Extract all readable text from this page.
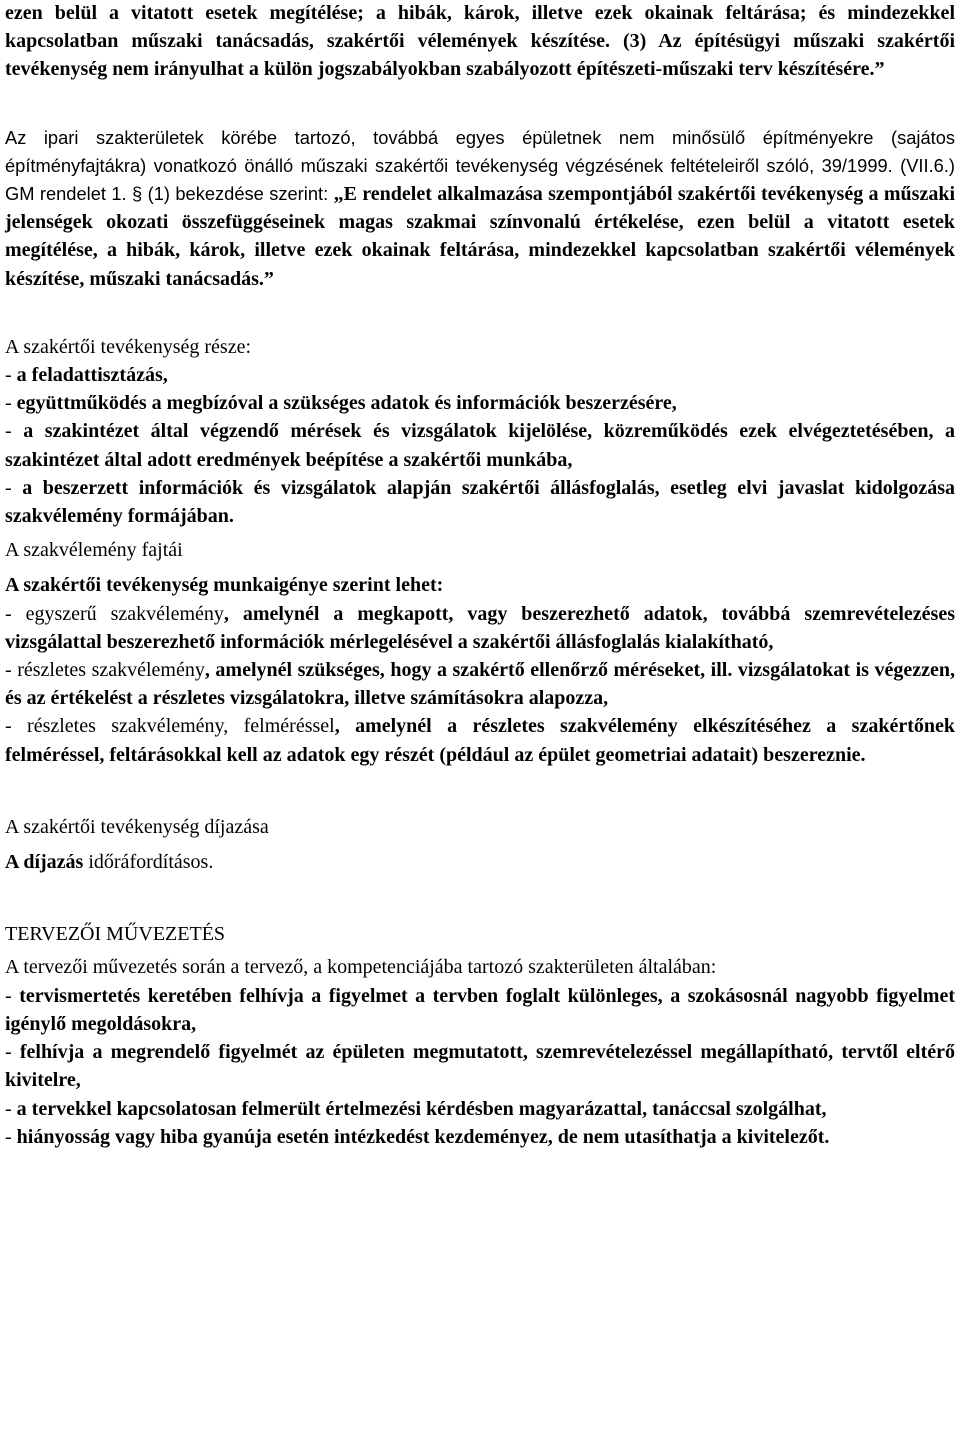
ezen belül a vitatott esetek megítélése; a hibák, károk, illetve ezek okainak feltárása; és mindezekkel kapcsolatban műszaki tanácsadás, szakértői vélemények készítése. (3) Az építésügyi műszaki szakértői tevékenység nem irányulhat a külön jogszabályokban szabályozott építészeti-műszaki terv készítésére.”

Az ipari szakterületek körébe tartozó, továbbá egyes épületnek nem minősülő építményekre (sajátos építményfajtákra) vonatkozó önálló műszaki szakértői tevékenység végzésének feltételeiről szóló, 39/1999. (VII.6.) GM rendelet 1. § (1) bekezdése szerint: „E rendelet alkalmazása szempontjából szakértői tevékenység a műszaki jelenségek okozati összefüggéseinek magas szakmai színvonalú értékelése, ezen belül a vitatott esetek megítélése, a hibák, károk, illetve ezek okainak feltárása, mindezekkel kapcsolatban szakértői vélemények készítése, műszaki tanácsadás.”

A szakértői tevékenység része:

- a feladattisztázás,

- együttműködés a megbízóval a szükséges adatok és információk beszerzésére,

- a szakintézet által végzendő mérések és vizsgálatok kijelölése, közreműködés ezek elvégeztetésében, a szakintézet által adott eredmények beépítése a szakértői munkába,

- a beszerzett információk és vizsgálatok alapján szakértői állásfoglalás, esetleg elvi javaslat kidolgozása szakvélemény formájában.

A szakvélemény fajtái

A szakértői tevékenység munkaigénye szerint lehet:

- egyszerű szakvélemény, amelynél a megkapott, vagy beszerezhető adatok, továbbá szemrevételezéses vizsgálattal beszerezhető információk mérlegelésével a szakértői állásfoglalás kialakítható,

- részletes szakvélemény, amelynél szükséges, hogy a szakértő ellenőrző méréseket, ill. vizsgálatokat is végezzen, és az értékelést a részletes vizsgálatokra, illetve számításokra alapozza,

- részletes szakvélemény, felméréssel, amelynél a részletes szakvélemény elkészítéséhez a szakértőnek felméréssel, feltárásokkal kell az adatok egy részét (például az épület geometriai adatait) beszereznie.

A szakértői tevékenység díjazása

A díjazás időráfordításos.

TERVEZŐI MŰVEZETÉS

A tervezői művezetés során a tervező, a kompetenciájába tartozó szakterületen általában:

- tervismertetés keretében felhívja a figyelmet a tervben foglalt különleges, a szokásosnál nagyobb figyelmet igénylő megoldásokra,

- felhívja a megrendelő figyelmét az épületen megmutatott, szemrevételezéssel megállapítható, tervtől eltérő kivitelre,

- a tervekkel kapcsolatosan felmerült értelmezési kérdésben magyarázattal, tanáccsal szolgálhat,

- hiányosság vagy hiba gyanúja esetén intézkedést kezdeményez, de nem utasíthatja a kivitelezőt.
